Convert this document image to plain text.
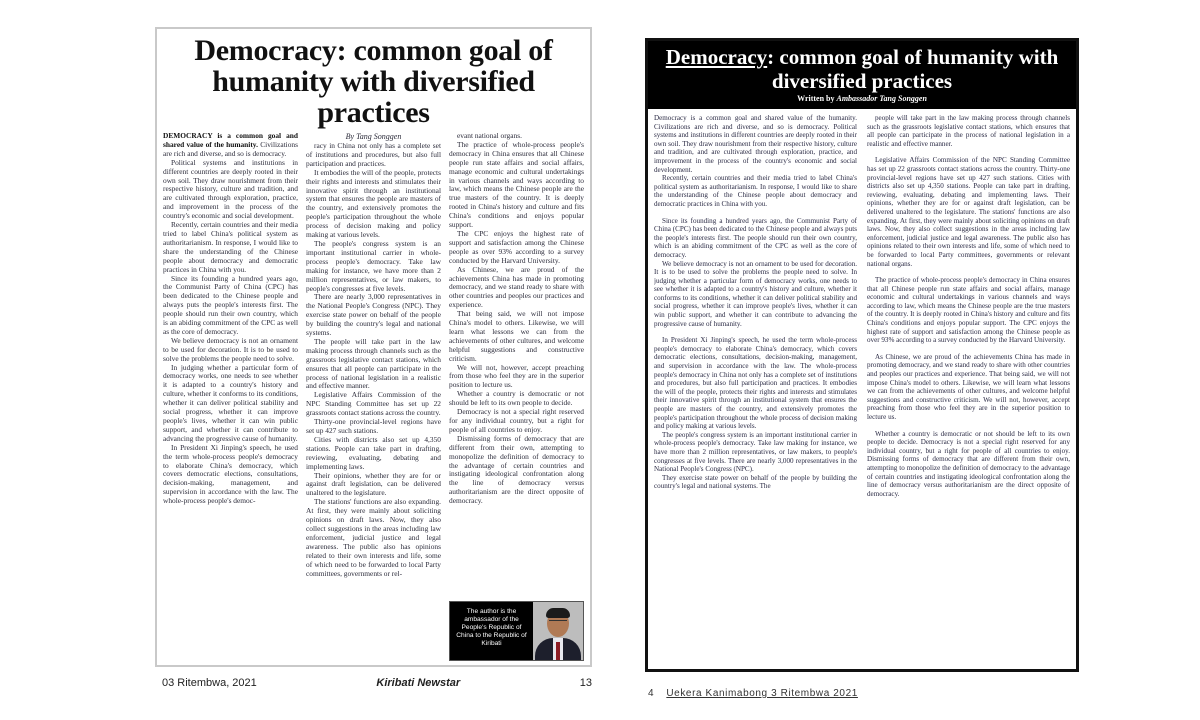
Democracy: common goal of humanity with diversified practices

DEMOCRACY is a common goal and shared value of the humanity. Civilizations are rich and diverse, and so is democracy.

Political systems and institutions in different countries are deeply rooted in their own soil. They draw nourishment from their respective history, culture and tradition, and are cultivated through exploration, practice, and improvement in the process of the country's economic and social development.

Recently, certain countries and their media tried to label China's political system as authoritarianism. In response, I would like to share the understanding of the Chinese people about democracy and democratic practices in China with you.

Since its founding a hundred years ago, the Communist Party of China (CPC) has been dedicated to the Chinese people and always puts the people's interests first. The people should run their own country, which is an abiding commitment of the CPC as well as the core of democracy.

We believe democracy is not an ornament to be used for decoration. It is to be used to solve the problems the people need to solve.

In judging whether a particular form of democracy works, one needs to see whether it is adapted to a country's history and culture, whether it conforms to its conditions, whether it can deliver political stability and social progress, whether it can improve people's lives, whether it can win public support, and whether it can contribute to advancing the progressive cause of humanity.

In President Xi Jinping's speech, he used the term whole-process people's democracy to elaborate China's democracy, which covers democratic elections, consultations, decision-making, management, and supervision in accordance with the law. The whole-process people's democ-

By Tang Songgen

racy in China not only has a complete set of institutions and procedures, but also full participation and practices.

It embodies the will of the people, protects their rights and interests and stimulates their innovative spirit through an institutional system that ensures the people are masters of the country, and extensively promotes the people's participation throughout the whole process of decision making and policy making at various levels.

The people's congress system is an important institutional carrier in whole-process people's democracy. Take law making for instance, we have more than 2 million representatives, or law makers, to people's congresses at five levels.

There are nearly 3,000 representatives in the National People's Congress (NPC). They exercise state power on behalf of the people by building the country's legal and national systems.

The people will take part in the law making process through channels such as the grassroots legislative contact stations, which ensures that all people can participate in the process of national legislation in a realistic and effective manner.

Legislative Affairs Commission of the NPC Standing Committee has set up 22 grassroots contact stations across the country.

Thirty-one provincial-level regions have set up 427 such stations.

Cities with districts also set up 4,350 stations. People can take part in drafting, reviewing, evaluating, debating and implementing laws.

Their opinions, whether they are for or against draft legislation, can be delivered unaltered to the legislature.

The stations' functions are also expanding. At first, they were mainly about soliciting opinions on draft laws. Now, they also collect suggestions in the areas including law enforcement, judicial justice and legal awareness. The public also has opinions related to their own interests and life, some of which need to be forwarded to local Party committees, governments or rel-

evant national organs.

The practice of whole-process people's democracy in China ensures that all Chinese people run state affairs and social affairs, manage economic and cultural undertakings in various channels and ways according to law, which means the Chinese people are the true masters of the country. It is deeply rooted in China's history and culture and fits China's conditions and enjoys popular support.

The CPC enjoys the highest rate of support and satisfaction among the Chinese people as over 93% according to a survey conducted by the Harvard University.

As Chinese, we are proud of the achievements China has made in promoting democracy, and we stand ready to share with other countries and peoples our practices and experience.

That being said, we will not impose China's model to others. Likewise, we will learn what lessons we can from the achievements of other cultures, and welcome helpful suggestions and constructive criticism.

We will not, however, accept preaching from those who feel they are in the superior position to lecture us.

Whether a country is democratic or not should be left to its own people to decide.

Democracy is not a special right reserved for any individual country, but a right for people of all countries to enjoy.

Dismissing forms of democracy that are different from their own, attempting to monopolize the definition of democracy to the advantage of certain countries and instigating ideological confrontation along the line of democracy versus authoritarianism are the direct opposite of democracy.

The author is the ambassador of the People's Republic of China to the Republic of Kiribati
03 Ritembwa, 2021	Kiribati Newstar	13
Democracy: common goal of humanity with diversified practices
Written by Ambassador Tang Songgen

Democracy is a common goal and shared value of the humanity. Civilizations are rich and diverse, and so is democracy. Political systems and institutions in different countries are deeply rooted in their own soil. They draw nourishment from their respective history, culture and tradition, and are cultivated through exploration, practice, and improvement in the process of the country's economic and social development.

Recently, certain countries and their media tried to label China's political system as authoritarianism. In response, I would like to share the understanding of the Chinese people about democracy and democratic practices in China with you.

Since its founding a hundred years ago, the Communist Party of China (CPC) has been dedicated to the Chinese people and always puts the people's interests first. The people should run their own country, which is an abiding commitment of the CPC as well as the core of democracy.

We believe democracy is not an ornament to be used for decoration. It is to be used to solve the problems the people need to solve. In judging whether a particular form of democracy works, one needs to see whether it is adapted to a country's history and culture, whether it conforms to its conditions, whether it can deliver political stability and social progress, whether it can improve people's lives, whether it can win public support, and whether it can contribute to advancing the progressive cause of humanity.

In President Xi Jinping's speech, he used the term whole-process people's democracy to elaborate China's democracy, which covers democratic elections, consultations, decision-making, management, and supervision in accordance with the law. The whole-process people's democracy in China not only has a complete set of institutions and procedures, but also full participation and practices. It embodies the will of the people, protects their rights and interests and stimulates their innovative spirit through an institutional system that ensures the people are masters of the country, and extensively promotes the people's participation throughout the whole process of decision making and policy making at various levels.

The people's congress system is an important institutional carrier in whole-process people's democracy. Take law making for instance, we have more than 2 million representatives, or law makers, to people's congresses at five levels. There are nearly 3,000 representatives in the National People's Congress (NPC).

They exercise state power on behalf of the people by building the country's legal and national systems. The

people will take part in the law making process through channels such as the grassroots legislative contact stations, which ensures that all people can participate in the process of national legislation in a realistic and effective manner.

Legislative Affairs Commission of the NPC Standing Committee has set up 22 grassroots contact stations across the country. Thirty-one provincial-level regions have set up 427 such stations. Cities with districts also set up 4,350 stations. People can take part in drafting, reviewing, evaluating, debating and implementing laws. Their opinions, whether they are for or against draft legislation, can be delivered unaltered to the legislature. The stations' functions are also expanding. At first, they were mainly about soliciting opinions on draft laws. Now, they also collect suggestions in the areas including law enforcement, judicial justice and legal awareness. The public also has opinions related to their own interests and life, some of which need to be forwarded to local Party committees, governments or relevant national organs.

The practice of whole-process people's democracy in China ensures that all Chinese people run state affairs and social affairs, manage economic and cultural undertakings in various channels and ways according to law, which means the Chinese people are the true masters of the country. It is deeply rooted in China's history and culture and fits China's conditions and enjoys popular support. The CPC enjoys the highest rate of support and satisfaction among the Chinese people as over 93% according to a survey conducted by the Harvard University.

As Chinese, we are proud of the achievements China has made in promoting democracy, and we stand ready to share with other countries and peoples our practices and experience. That being said, we will not impose China's model to others. Likewise, we will learn what lessons we can from the achievements of other cultures, and welcome helpful suggestions and constructive criticism. We will not, however, accept preaching from those who feel they are in the superior position to lecture us.

Whether a country is democratic or not should be left to its own people to decide. Democracy is not a special right reserved for any individual country, but a right for people of all countries to enjoy. Dismissing forms of democracy that are different from their own, attempting to monopolize the definition of democracy to the advantage of certain countries and instigating ideological confrontation along the line of democracy versus authoritarianism are the direct opposite of democracy.

4 Uekera Kanimabong 3 Ritembwa 2021
